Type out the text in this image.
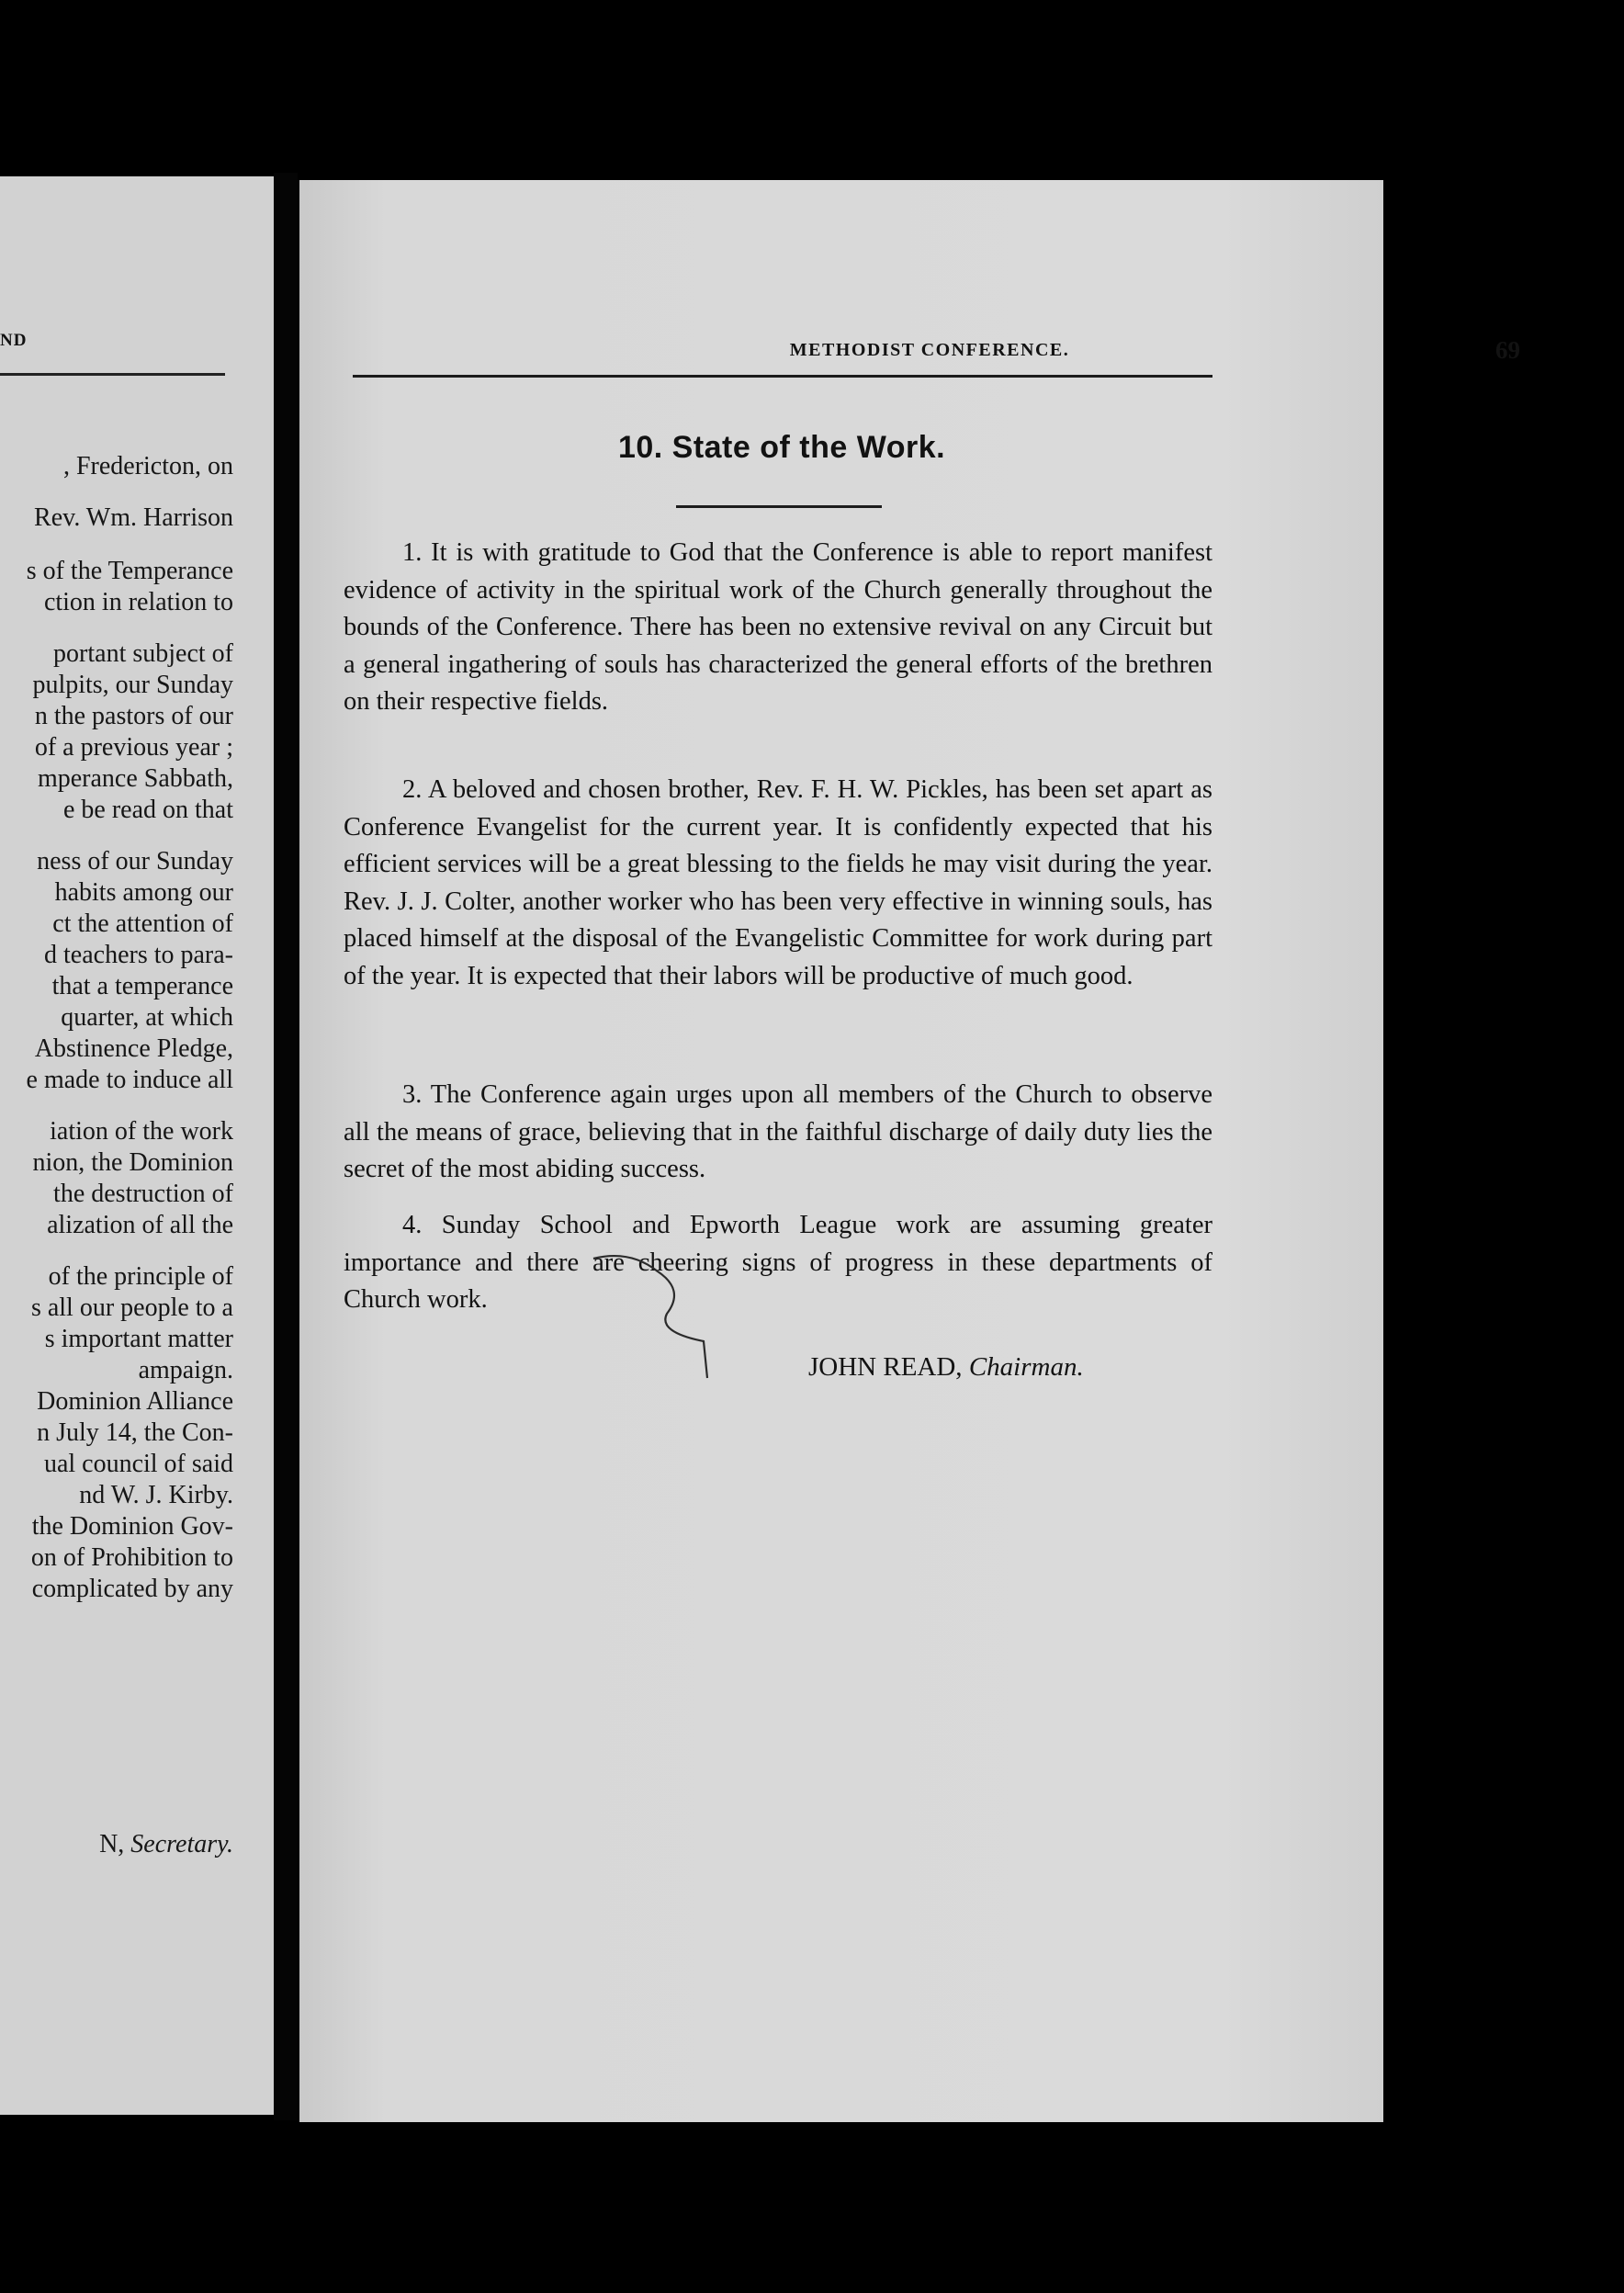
ND
, Fredericton, on
Rev. Wm. Harrison
s of the Temperance
ction in relation to
portant subject of
pulpits, our Sunday
n the pastors of our
of a previous year ;
mperance Sabbath,
e be read on that
ness of our Sunday
habits among our
ct the attention of
d teachers to para-
that a temperance
quarter, at which
Abstinence Pledge,
e made to induce all
iation of the work
nion, the Dominion
the destruction of
alization of all the
of the principle of
s all our people to a
s important matter
ampaign.
Dominion Alliance
n July 14, the Con-
ual council of said
nd W. J. Kirby.
the Dominion Gov-
on of Prohibition to
complicated by any
N, Secretary.
METHODIST CONFERENCE.	69
10. State of the Work.

1. It is with gratitude to God that the Conference is able to report manifest evidence of activity in the spiritual work of the Church generally throughout the bounds of the Conference. There has been no extensive revival on any Circuit but a general ingathering of souls has characterized the general efforts of the brethren on their respective fields.

2. A beloved and chosen brother, Rev. F. H. W. Pickles, has been set apart as Conference Evangelist for the current year. It is confidently expected that his efficient services will be a great blessing to the fields he may visit during the year. Rev. J. J. Colter, another worker who has been very effective in winning souls, has placed himself at the disposal of the Evangelistic Committee for work during part of the year. It is expected that their labors will be productive of much good.

3. The Conference again urges upon all members of the Church to observe all the means of grace, believing that in the faithful discharge of daily duty lies the secret of the most abiding success.

4. Sunday School and Epworth League work are assuming greater importance and there are cheering signs of progress in these departments of Church work.

JOHN READ, Chairman.
